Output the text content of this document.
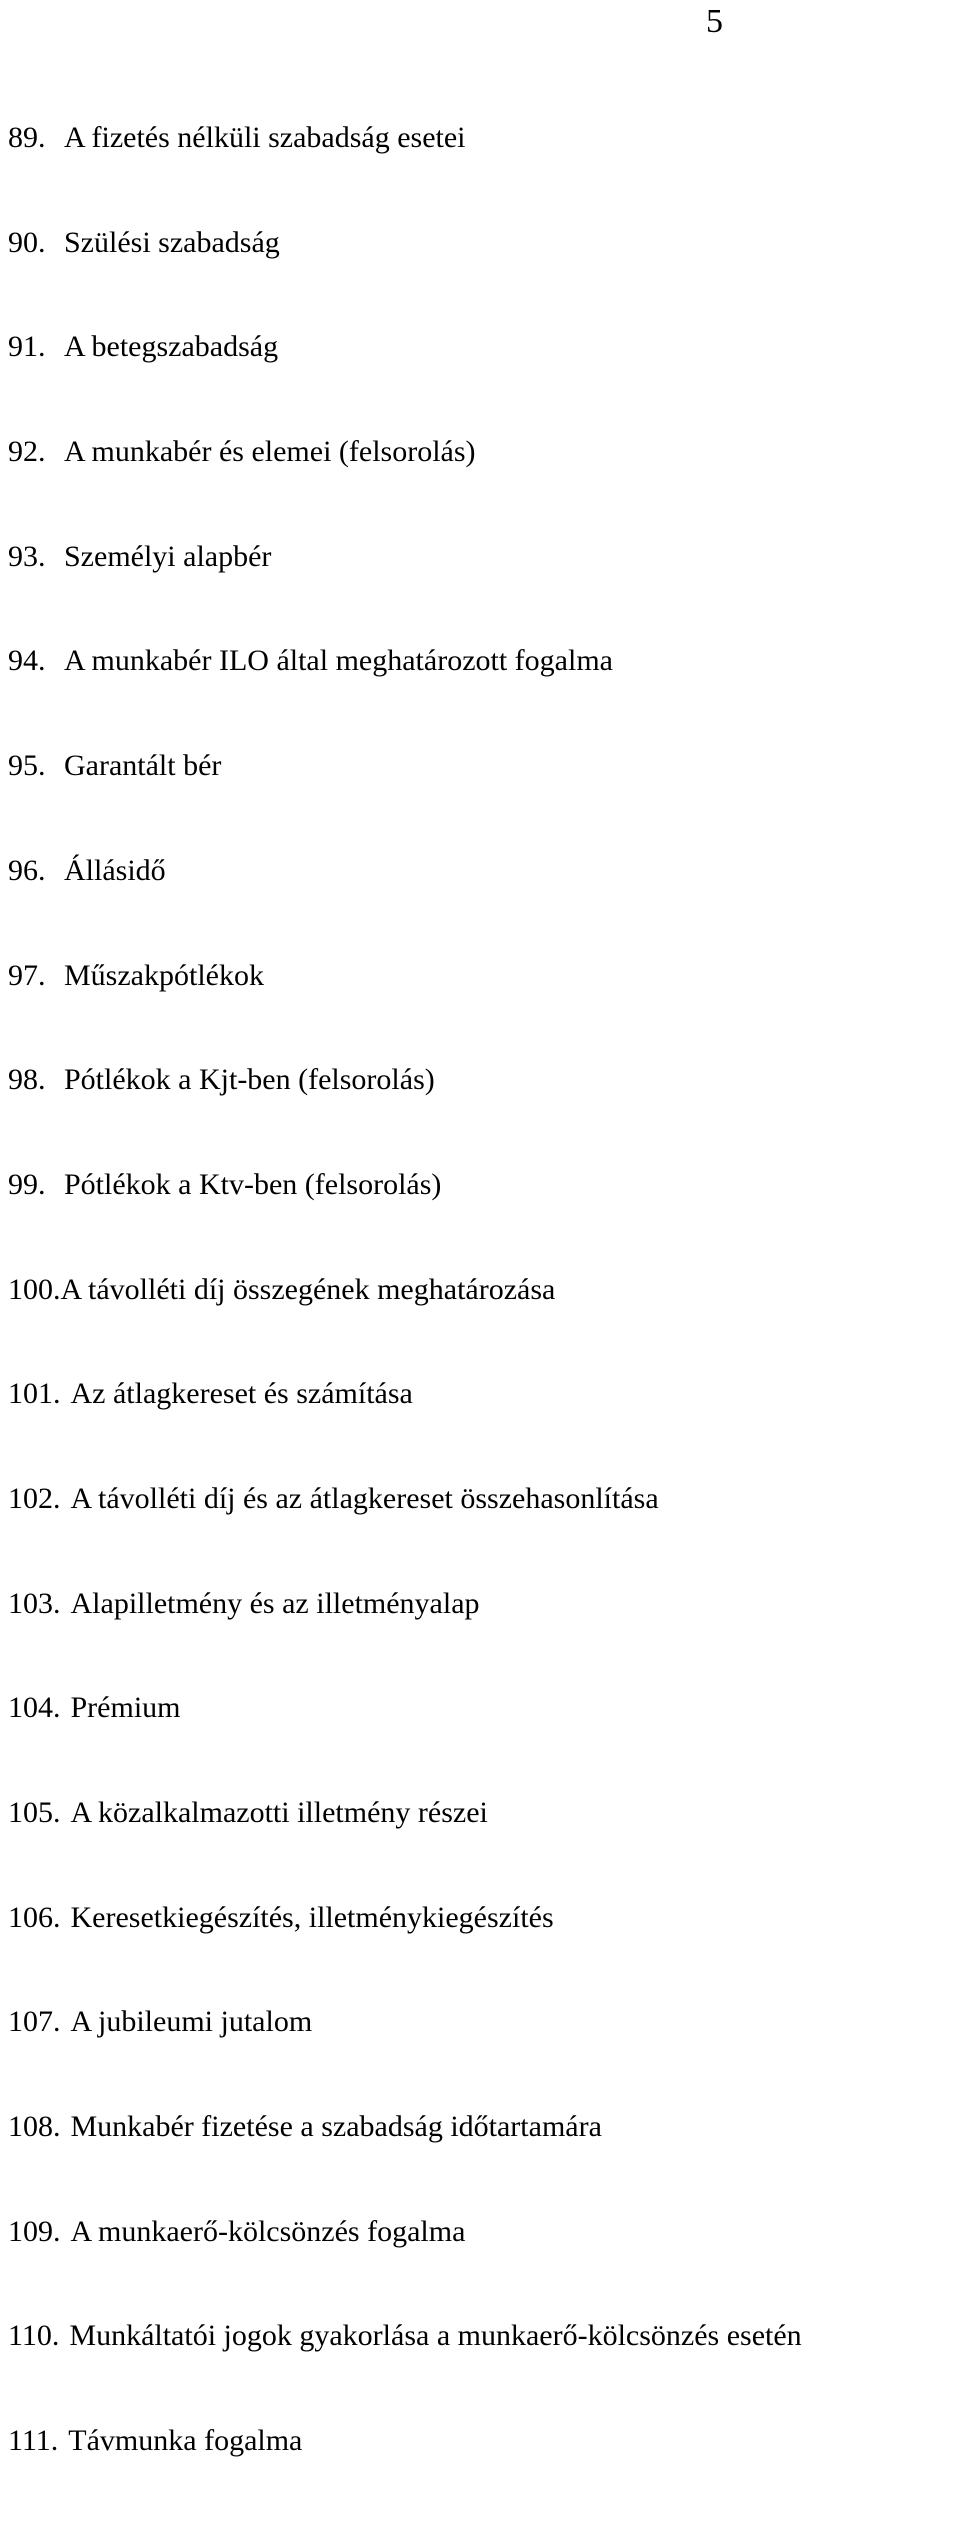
5
89. A fizetés nélküli szabadság esetei
90. Szülési szabadság
91. A betegszabadság
92. A munkabér és elemei (felsorolás)
93. Személyi alapbér
94. A munkabér ILO által meghatározott fogalma
95. Garantált bér
96. Állásidő
97. Műszakpótlékok
98. Pótlékok a Kjt-ben (felsorolás)
99. Pótlékok a Ktv-ben (felsorolás)
100.A távolléti díj összegének meghatározása
101. Az átlagkereset és számítása
102. A távolléti díj és az átlagkereset összehasonlítása
103. Alapilletmény és az illetményalap
104. Prémium
105. A közalkalmazotti illetmény részei
106. Keresetkiegészítés, illetménykiegészítés
107. A jubileumi jutalom
108. Munkabér fizetése a szabadság időtartamára
109. A munkaerő-kölcsönzés fogalma
110. Munkáltatói jogok gyakorlása a munkaerő-kölcsönzés esetén
111. Távmunka fogalma
